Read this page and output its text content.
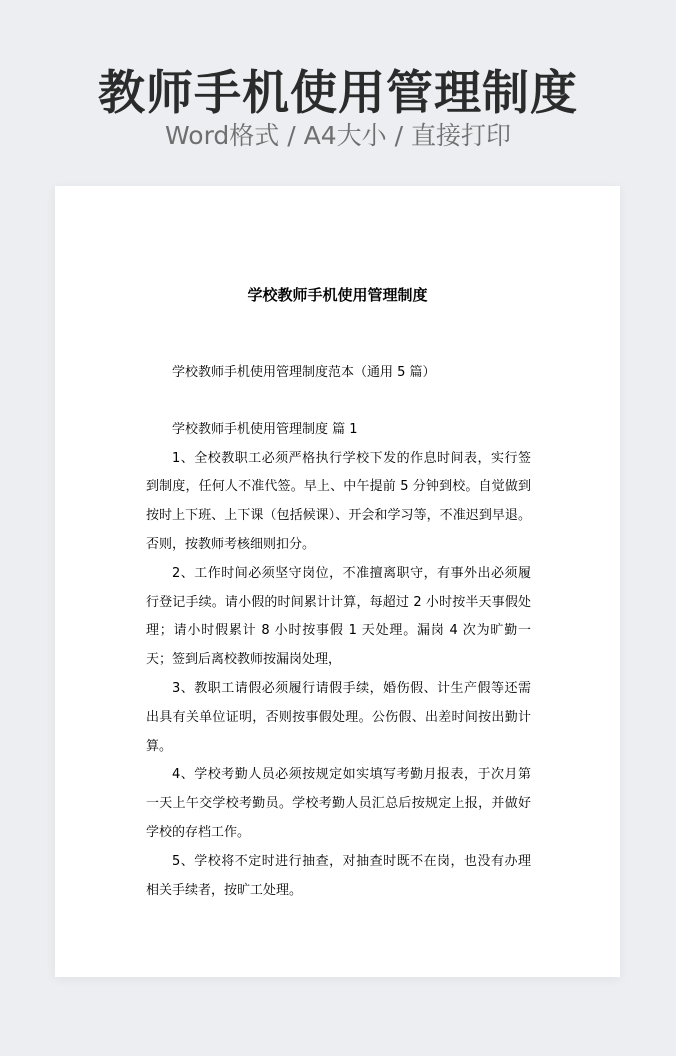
教师手机使用管理制度
Word格式 / A4大小 / 直接打印
学校教师手机使用管理制度

学校教师手机使用管理制度范本（通用 5 篇）

学校教师手机使用管理制度 篇 1

1、全校教职工必须严格执行学校下发的作息时间表，实行签到制度，任何人不准代签。早上、中午提前 5 分钟到校。自觉做到按时上下班、上下课（包括候课）、开会和学习等，不准迟到早退。否则，按教师考核细则扣分。

2、工作时间必须坚守岗位，不准擅离职守，有事外出必须履行登记手续。请小假的时间累计计算，每超过 2 小时按半天事假处理；请小时假累计 8 小时按事假 1 天处理。漏岗 4 次为旷勤一天；签到后离校教师按漏岗处理，

3、教职工请假必须履行请假手续，婚伤假、计生产假等还需出具有关单位证明，否则按事假处理。公伤假、出差时间按出勤计算。

4、学校考勤人员必须按规定如实填写考勤月报表，于次月第一天上午交学校考勤员。学校考勤人员汇总后按规定上报，并做好学校的存档工作。

5、学校将不定时进行抽查，对抽查时既不在岗，也没有办理相关手续者，按旷工处理。
